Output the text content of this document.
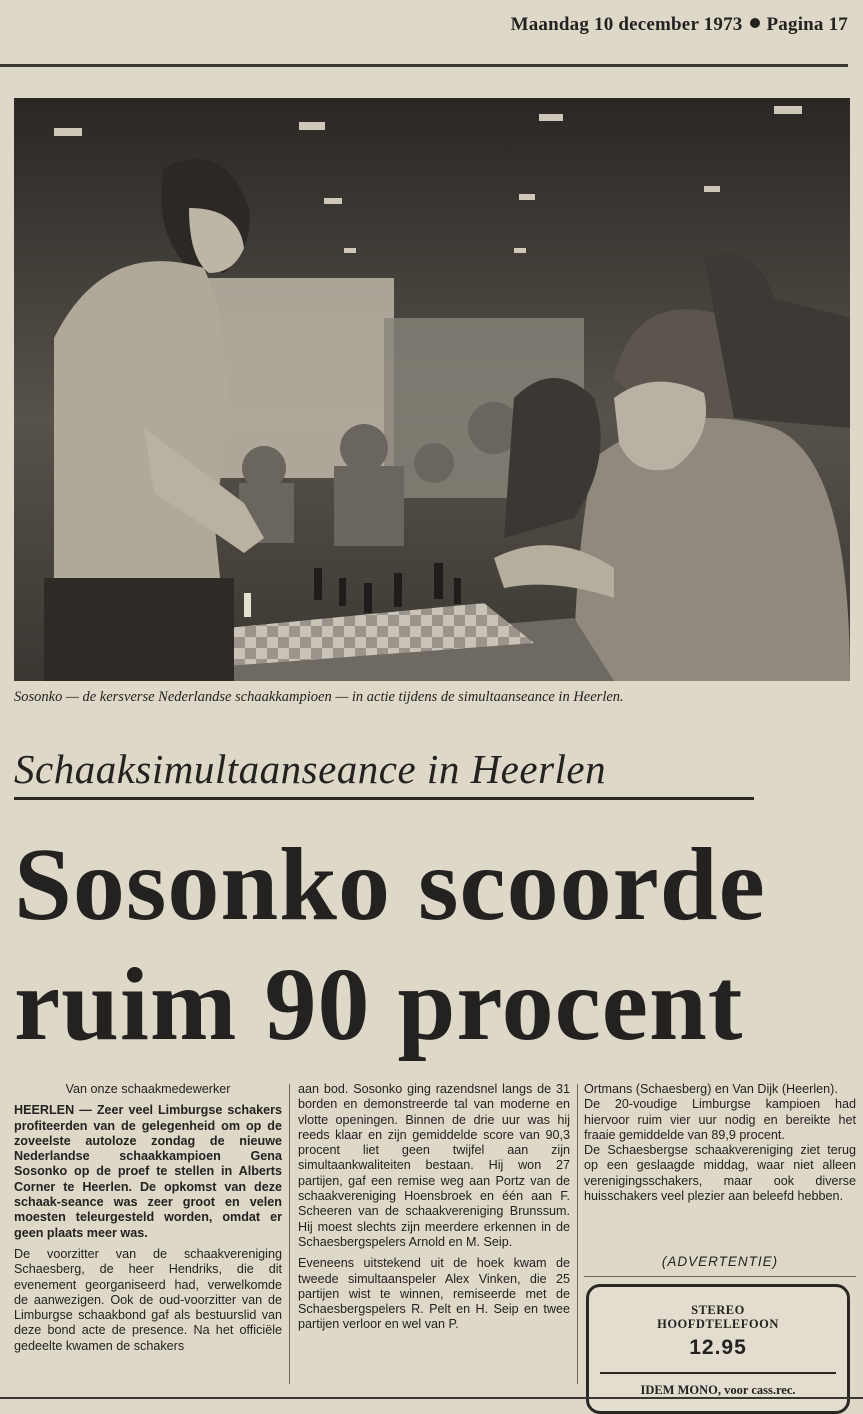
Maandag 10 december 1973 Pagina 17
Sosonko — de kersverse Nederlandse schaakkampioen — in actie tijdens de simultaanseance in Heerlen.
Schaaksimultaanseance in Heerlen
Sosonko scoorde
ruim 90 procent

Van onze schaakmedewerker

HEERLEN — Zeer veel Limburgse schakers profiteerden van de gelegenheid om op de zoveelste autoloze zondag de nieuwe Nederlandse schaakkampioen Gena Sosonko op de proef te stellen in Alberts Corner te Heerlen. De opkomst van deze schaak-seance was zeer groot en velen moesten teleurgesteld worden, omdat er geen plaats meer was.

De voorzitter van de schaakvereniging Schaesberg, de heer Hendriks, die dit evenement georganiseerd had, verwelkomde de aanwezigen. Ook de oud-voorzitter van de Limburgse schaakbond gaf als bestuurslid van deze bond acte de presence. Na het officiële gedeelte kwamen de schakers

aan bod. Sosonko ging razendsnel langs de 31 borden en demonstreerde tal van moderne en vlotte openingen. Binnen de drie uur was hij reeds klaar en zijn gemiddelde score van 90,3 procent liet geen twijfel aan zijn simultaankwaliteiten bestaan. Hij won 27 partijen, gaf een remise weg aan Portz van de schaakvereniging Hoensbroek en één aan F. Scheeren van de schaakvereniging Brunssum. Hij moest slechts zijn meerdere erkennen in de Schaesbergspelers Arnold en M. Seip.

Eveneens uitstekend uit de hoek kwam de tweede simultaanspeler Alex Vinken, die 25 partijen wist te winnen, remiseerde met de Schaesbergspelers R. Pelt en H. Seip en twee partijen verloor en wel van P.

Ortmans (Schaesberg) en Van Dijk (Heerlen).

De 20-voudige Limburgse kampioen had hiervoor ruim vier uur nodig en bereikte het fraaie gemiddelde van 89,9 procent.

De Schaesbergse schaakvereniging ziet terug op een geslaagde middag, waar niet alleen verenigingsschakers, maar ook diverse huisschakers veel plezier aan beleefd hebben.

(ADVERTENTIE)
STEREO
HOOFDTELEFOON
12.95
IDEM MONO, voor cass.rec.
